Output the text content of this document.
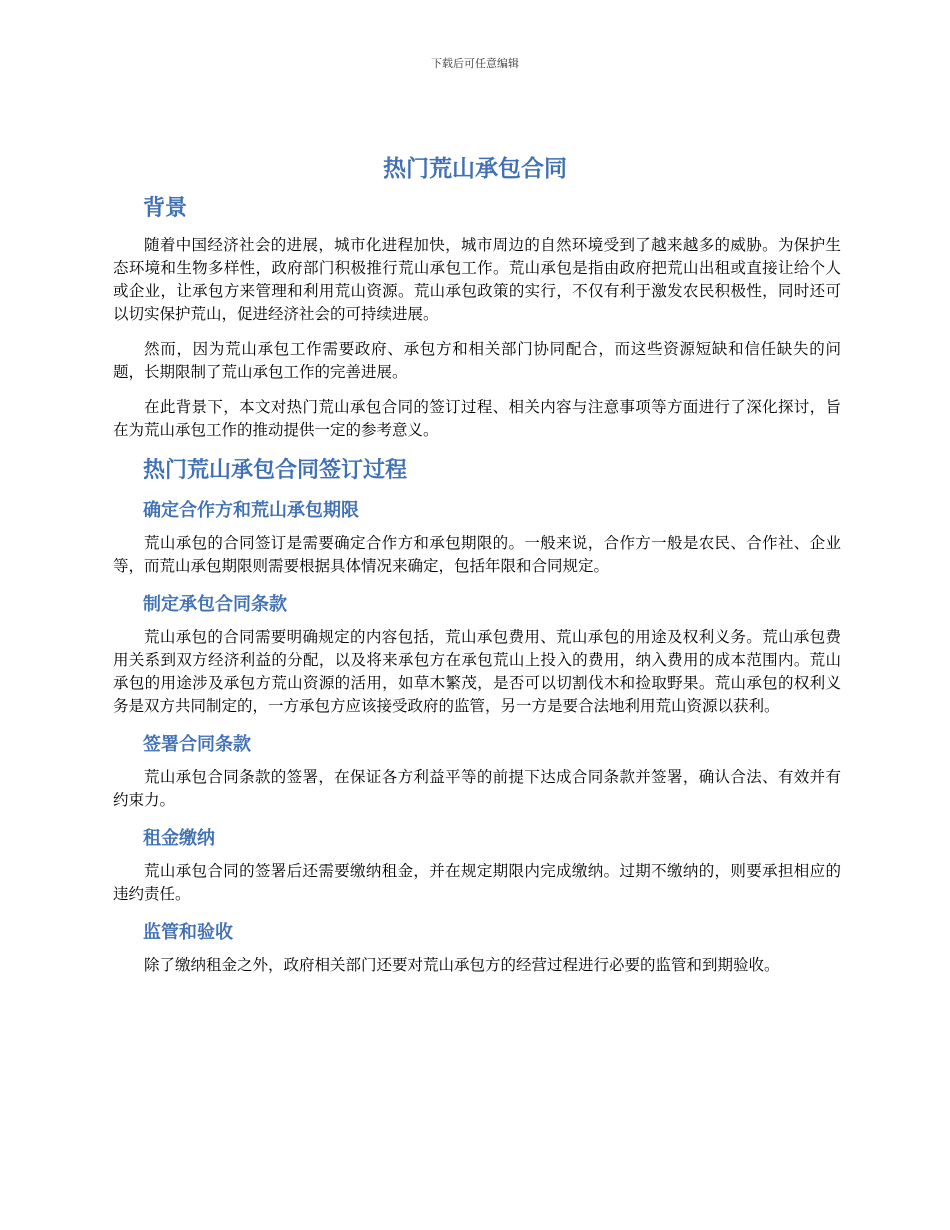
下载后可任意编辑
热门荒山承包合同
背景

随着中国经济社会的进展，城市化进程加快，城市周边的自然环境受到了越来越多的威胁。为保护生态环境和生物多样性，政府部门积极推行荒山承包工作。荒山承包是指由政府把荒山出租或直接让给个人或企业，让承包方来管理和利用荒山资源。荒山承包政策的实行，不仅有利于激发农民积极性，同时还可以切实保护荒山，促进经济社会的可持续进展。

然而，因为荒山承包工作需要政府、承包方和相关部门协同配合，而这些资源短缺和信任缺失的问题，长期限制了荒山承包工作的完善进展。

在此背景下，本文对热门荒山承包合同的签订过程、相关内容与注意事项等方面进行了深化探讨，旨在为荒山承包工作的推动提供一定的参考意义。

热门荒山承包合同签订过程
确定合作方和荒山承包期限

荒山承包的合同签订是需要确定合作方和承包期限的。一般来说，合作方一般是农民、合作社、企业等，而荒山承包期限则需要根据具体情况来确定，包括年限和合同规定。

制定承包合同条款

荒山承包的合同需要明确规定的内容包括，荒山承包费用、荒山承包的用途及权利义务。荒山承包费用关系到双方经济利益的分配，以及将来承包方在承包荒山上投入的费用，纳入费用的成本范围内。荒山承包的用途涉及承包方荒山资源的活用，如草木繁茂，是否可以切割伐木和捡取野果。荒山承包的权利义务是双方共同制定的，一方承包方应该接受政府的监管，另一方是要合法地利用荒山资源以获利。

签署合同条款

荒山承包合同条款的签署，在保证各方利益平等的前提下达成合同条款并签署，确认合法、有效并有约束力。

租金缴纳

荒山承包合同的签署后还需要缴纳租金，并在规定期限内完成缴纳。过期不缴纳的，则要承担相应的违约责任。

监管和验收

除了缴纳租金之外，政府相关部门还要对荒山承包方的经营过程进行必要的监管和到期验收。
